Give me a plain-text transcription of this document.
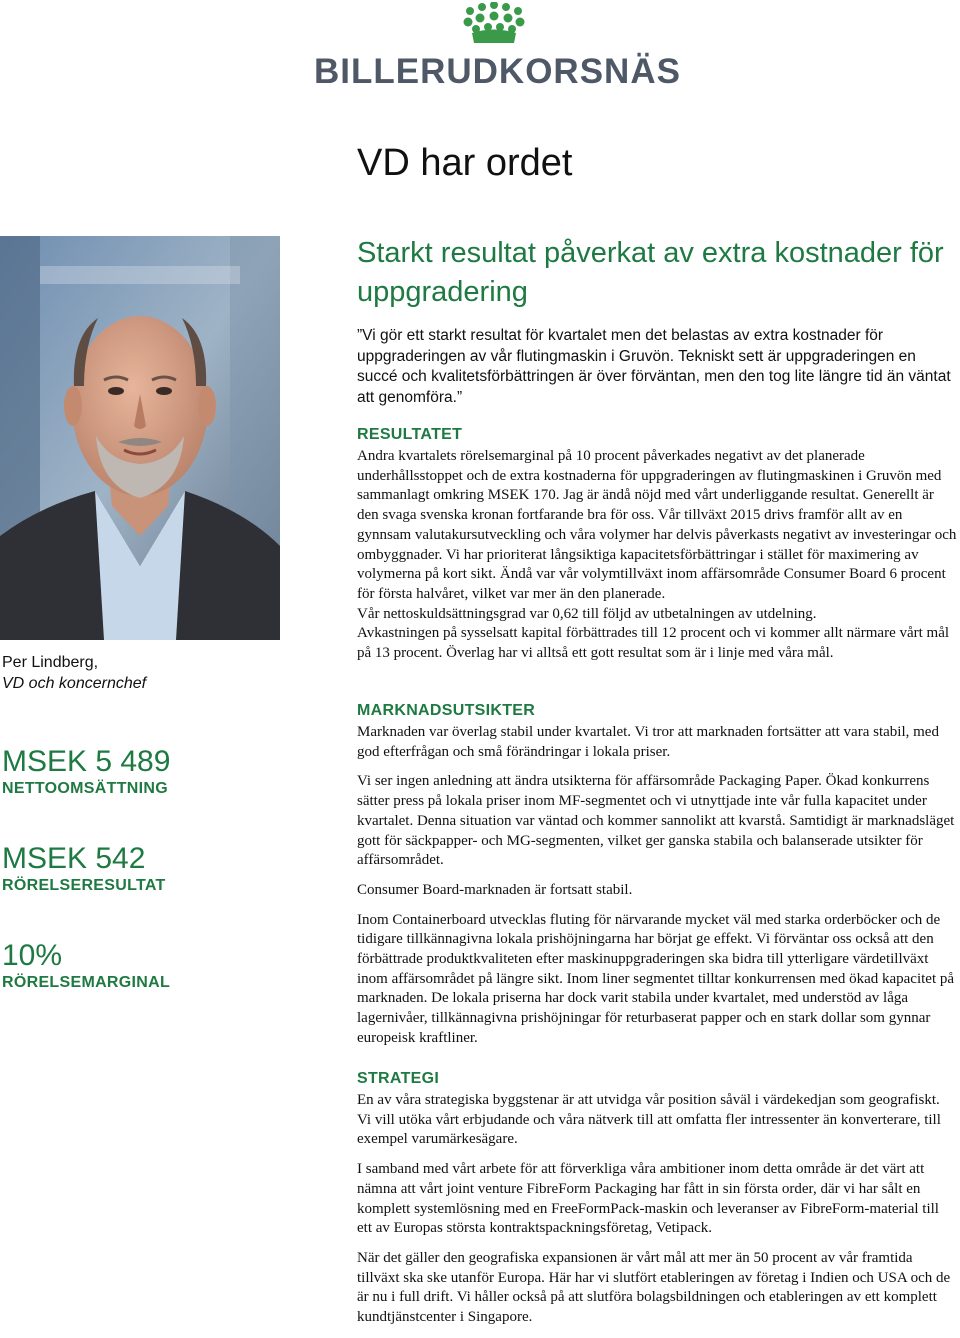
BILLERUDKORSNÄS
VD har ordet
Per Lindberg,
VD och koncernchef
MSEK 5 489
NETTOOMSÄTTNING
MSEK 542
RÖRELSERESULTAT
10%
RÖRELSEMARGINAL
Starkt resultat påverkat av extra kostnader för uppgradering

”Vi gör ett starkt resultat för kvartalet men det belastas av extra kostnader för uppgraderingen av vår flutingmaskin i Gruvön. Tekniskt sett är uppgraderingen en succé och kvalitetsförbättringen är över förväntan, men den tog lite längre tid än väntat att genomföra.”

RESULTATET

Andra kvartalets rörelsemarginal på 10 procent påverkades negativt av det planerade underhållsstoppet och de extra kostnaderna för uppgraderingen av flutingmaskinen i Gruvön med sammanlagt omkring MSEK 170. Jag är ändå nöjd med vårt underliggande resultat. Generellt är den svaga svenska kronan fortfarande bra för oss. Vår tillväxt 2015 drivs framför allt av en gynnsam valutakursutveckling och våra volymer har delvis påverkasts negativt av investeringar och ombyggnader. Vi har prioriterat långsiktiga kapacitetsförbättringar i stället för maximering av volymerna på kort sikt. Ändå var vår volymtillväxt inom affärsområde Consumer Board 6 procent för första halvåret, vilket var mer än den planerade.

Vår nettoskuldsättningsgrad var 0,62 till följd av utbetalningen av utdelning.

Avkastningen på sysselsatt kapital förbättrades till 12 procent och vi kommer allt närmare vårt mål på 13 procent. Överlag har vi alltså ett gott resultat som är i linje med våra mål.

MARKNADSUTSIKTER

Marknaden var överlag stabil under kvartalet. Vi tror att marknaden fortsätter att vara stabil, med god efterfrågan och små förändringar i lokala priser.

Vi ser ingen anledning att ändra utsikterna för affärsområde Packaging Paper. Ökad konkurrens sätter press på lokala priser inom MF-segmentet och vi utnyttjade inte vår fulla kapacitet under kvartalet. Denna situation var väntad och kommer sannolikt att kvarstå. Samtidigt är marknadsläget gott för säckpapper- och MG-segmenten, vilket ger ganska stabila och balanserade utsikter för affärsområdet.

Consumer Board-marknaden är fortsatt stabil.

Inom Containerboard utvecklas fluting för närvarande mycket väl med starka orderböcker och de tidigare tillkännagivna lokala prishöjningarna har börjat ge effekt. Vi förväntar oss också att den förbättrade produktkvaliteten efter maskinuppgraderingen ska bidra till ytterligare värdetillväxt inom affärsområdet på längre sikt. Inom liner segmentet tilltar konkurrensen med ökad kapacitet på marknaden. De lokala priserna har dock varit stabila under kvartalet, med understöd av låga lagernivåer, tillkännagivna prishöjningar för returbaserat papper och en stark dollar som gynnar europeisk kraftliner.

STRATEGI

En av våra strategiska byggstenar är att utvidga vår position såväl i värdekedjan som geografiskt. Vi vill utöka vårt erbjudande och våra nätverk till att omfatta fler intressenter än konverterare, till exempel varumärkesägare.

I samband med vårt arbete för att förverkliga våra ambitioner inom detta område är det värt att nämna att vårt joint venture FibreForm Packaging har fått in sin första order, där vi har sålt en komplett systemlösning med en FreeFormPack-maskin och leveranser av FibreForm-material till ett av Europas största kontraktspackningsföretag, Vetipack.

När det gäller den geografiska expansionen är vårt mål att mer än 50 procent av vår framtida tillväxt ska ske utanför Europa. Här har vi slutfört etableringen av företag i Indien och USA och de är nu i full drift. Vi håller också på att slutföra bolagsbildningen och etableringen av ett komplett kundtjänstcenter i Singapore.
